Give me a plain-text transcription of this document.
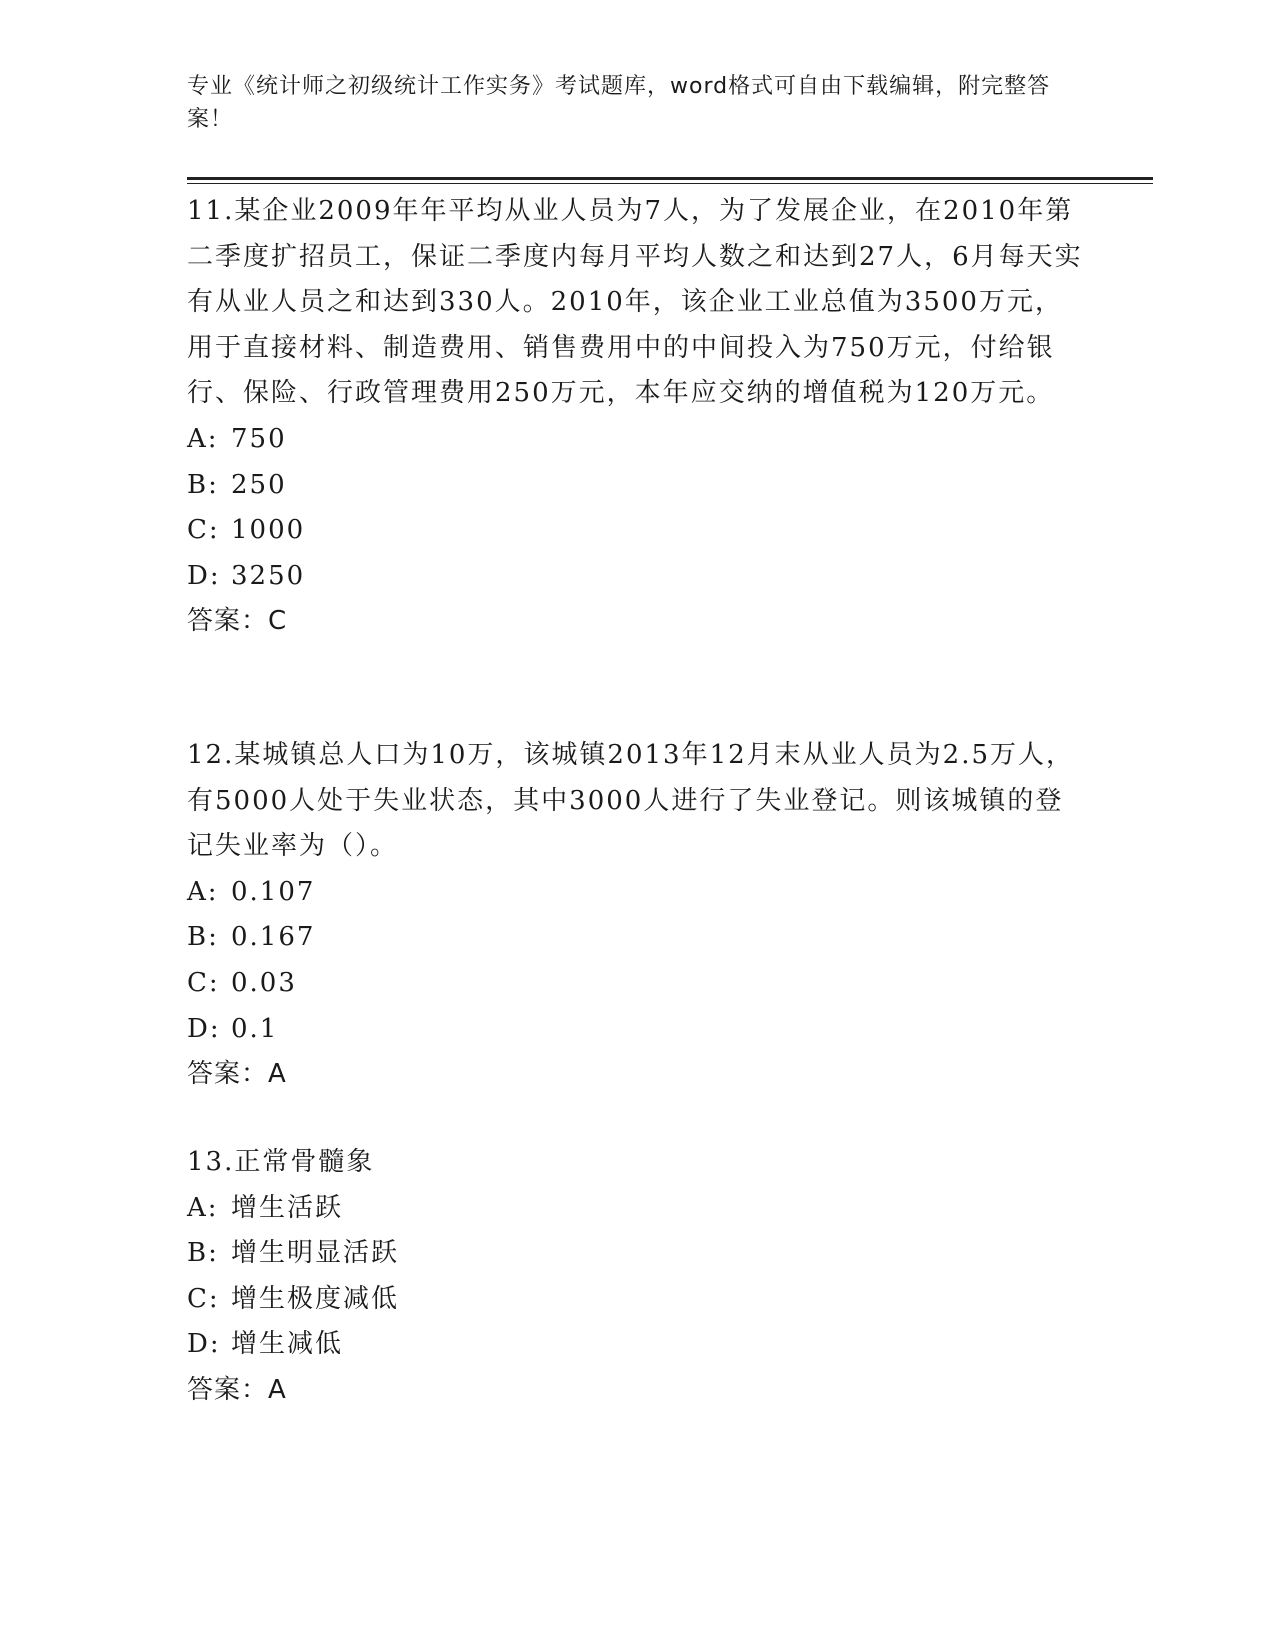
专业《统计师之初级统计工作实务》考试题库，word格式可自由下载编辑，附完整答案！

11.某企业2009年年平均从业人员为7人，为了发展企业，在2010年第二季度扩招员工，保证二季度内每月平均人数之和达到27人，6月每天实有从业人员之和达到330人。2010年，该企业工业总值为3500万元，用于直接材料、制造费用、销售费用中的中间投入为750万元，付给银行、保险、行政管理费用250万元，本年应交纳的增值税为120万元。

A: 750
B: 250
C: 1000
D: 3250
答案：C

12.某城镇总人口为10万，该城镇2013年12月末从业人员为2.5万人，有5000人处于失业状态，其中3000人进行了失业登记。则该城镇的登记失业率为（）。

A: 0.107
B: 0.167
C: 0.03
D: 0.1
答案：A

13.正常骨髓象

A: 增生活跃
B: 增生明显活跃
C: 增生极度减低
D: 增生减低
答案：A
